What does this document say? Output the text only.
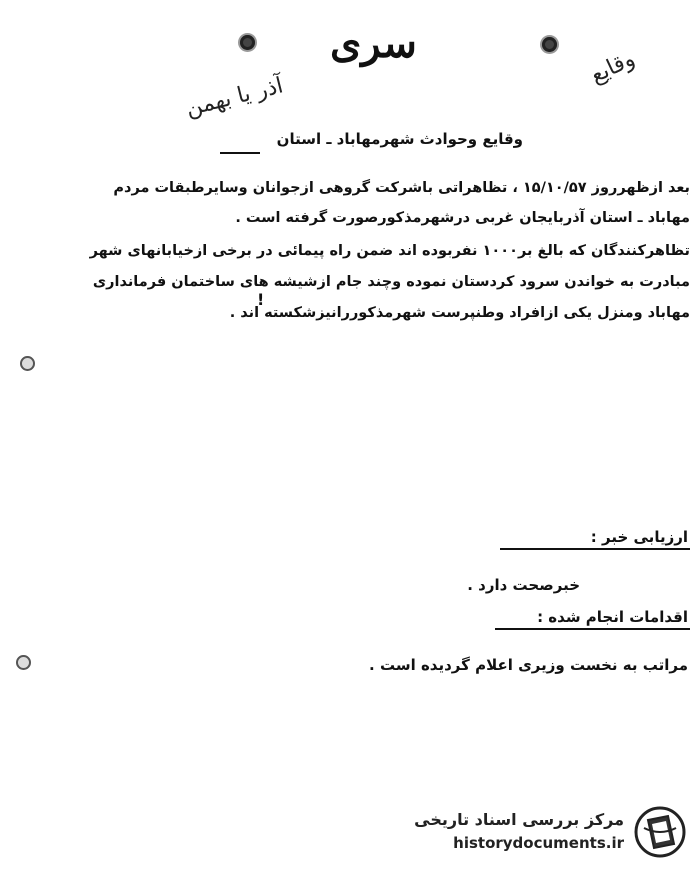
سری
وقایع
آذر یا بهمن
وقایع وحوادث شهرمهاباد ـ استان
بعد ازظهرروز ۱۵/۱۰/۵۷ ، تظاهراتی باشرکت گروهی ازجوانان وسایرطبقات مردم
مهاباد ـ استان آذربایجان غربی درشهرمذکورصورت گرفته است .
تظاهرکنندگان که بالغ بر۱۰۰۰ نفربوده اند ضمن راه پیمائی در برخی ازخیابانهای شهر
مبادرت به خواندن سرود کردستان نموده وچند جام ازشیشه های ساختمان فرمانداری
مهاباد ومنزل یکی ازافراد وطنپرست شهرمذکوررانیزشکسته اند .
!
ارزیابی خبر :
خبرصحت دارد .
اقدامات انجام شده :
مراتب به نخست وزیری اعلام گردیده است .
مرکز بررسی اسناد تاریخی
historydocuments.ir
